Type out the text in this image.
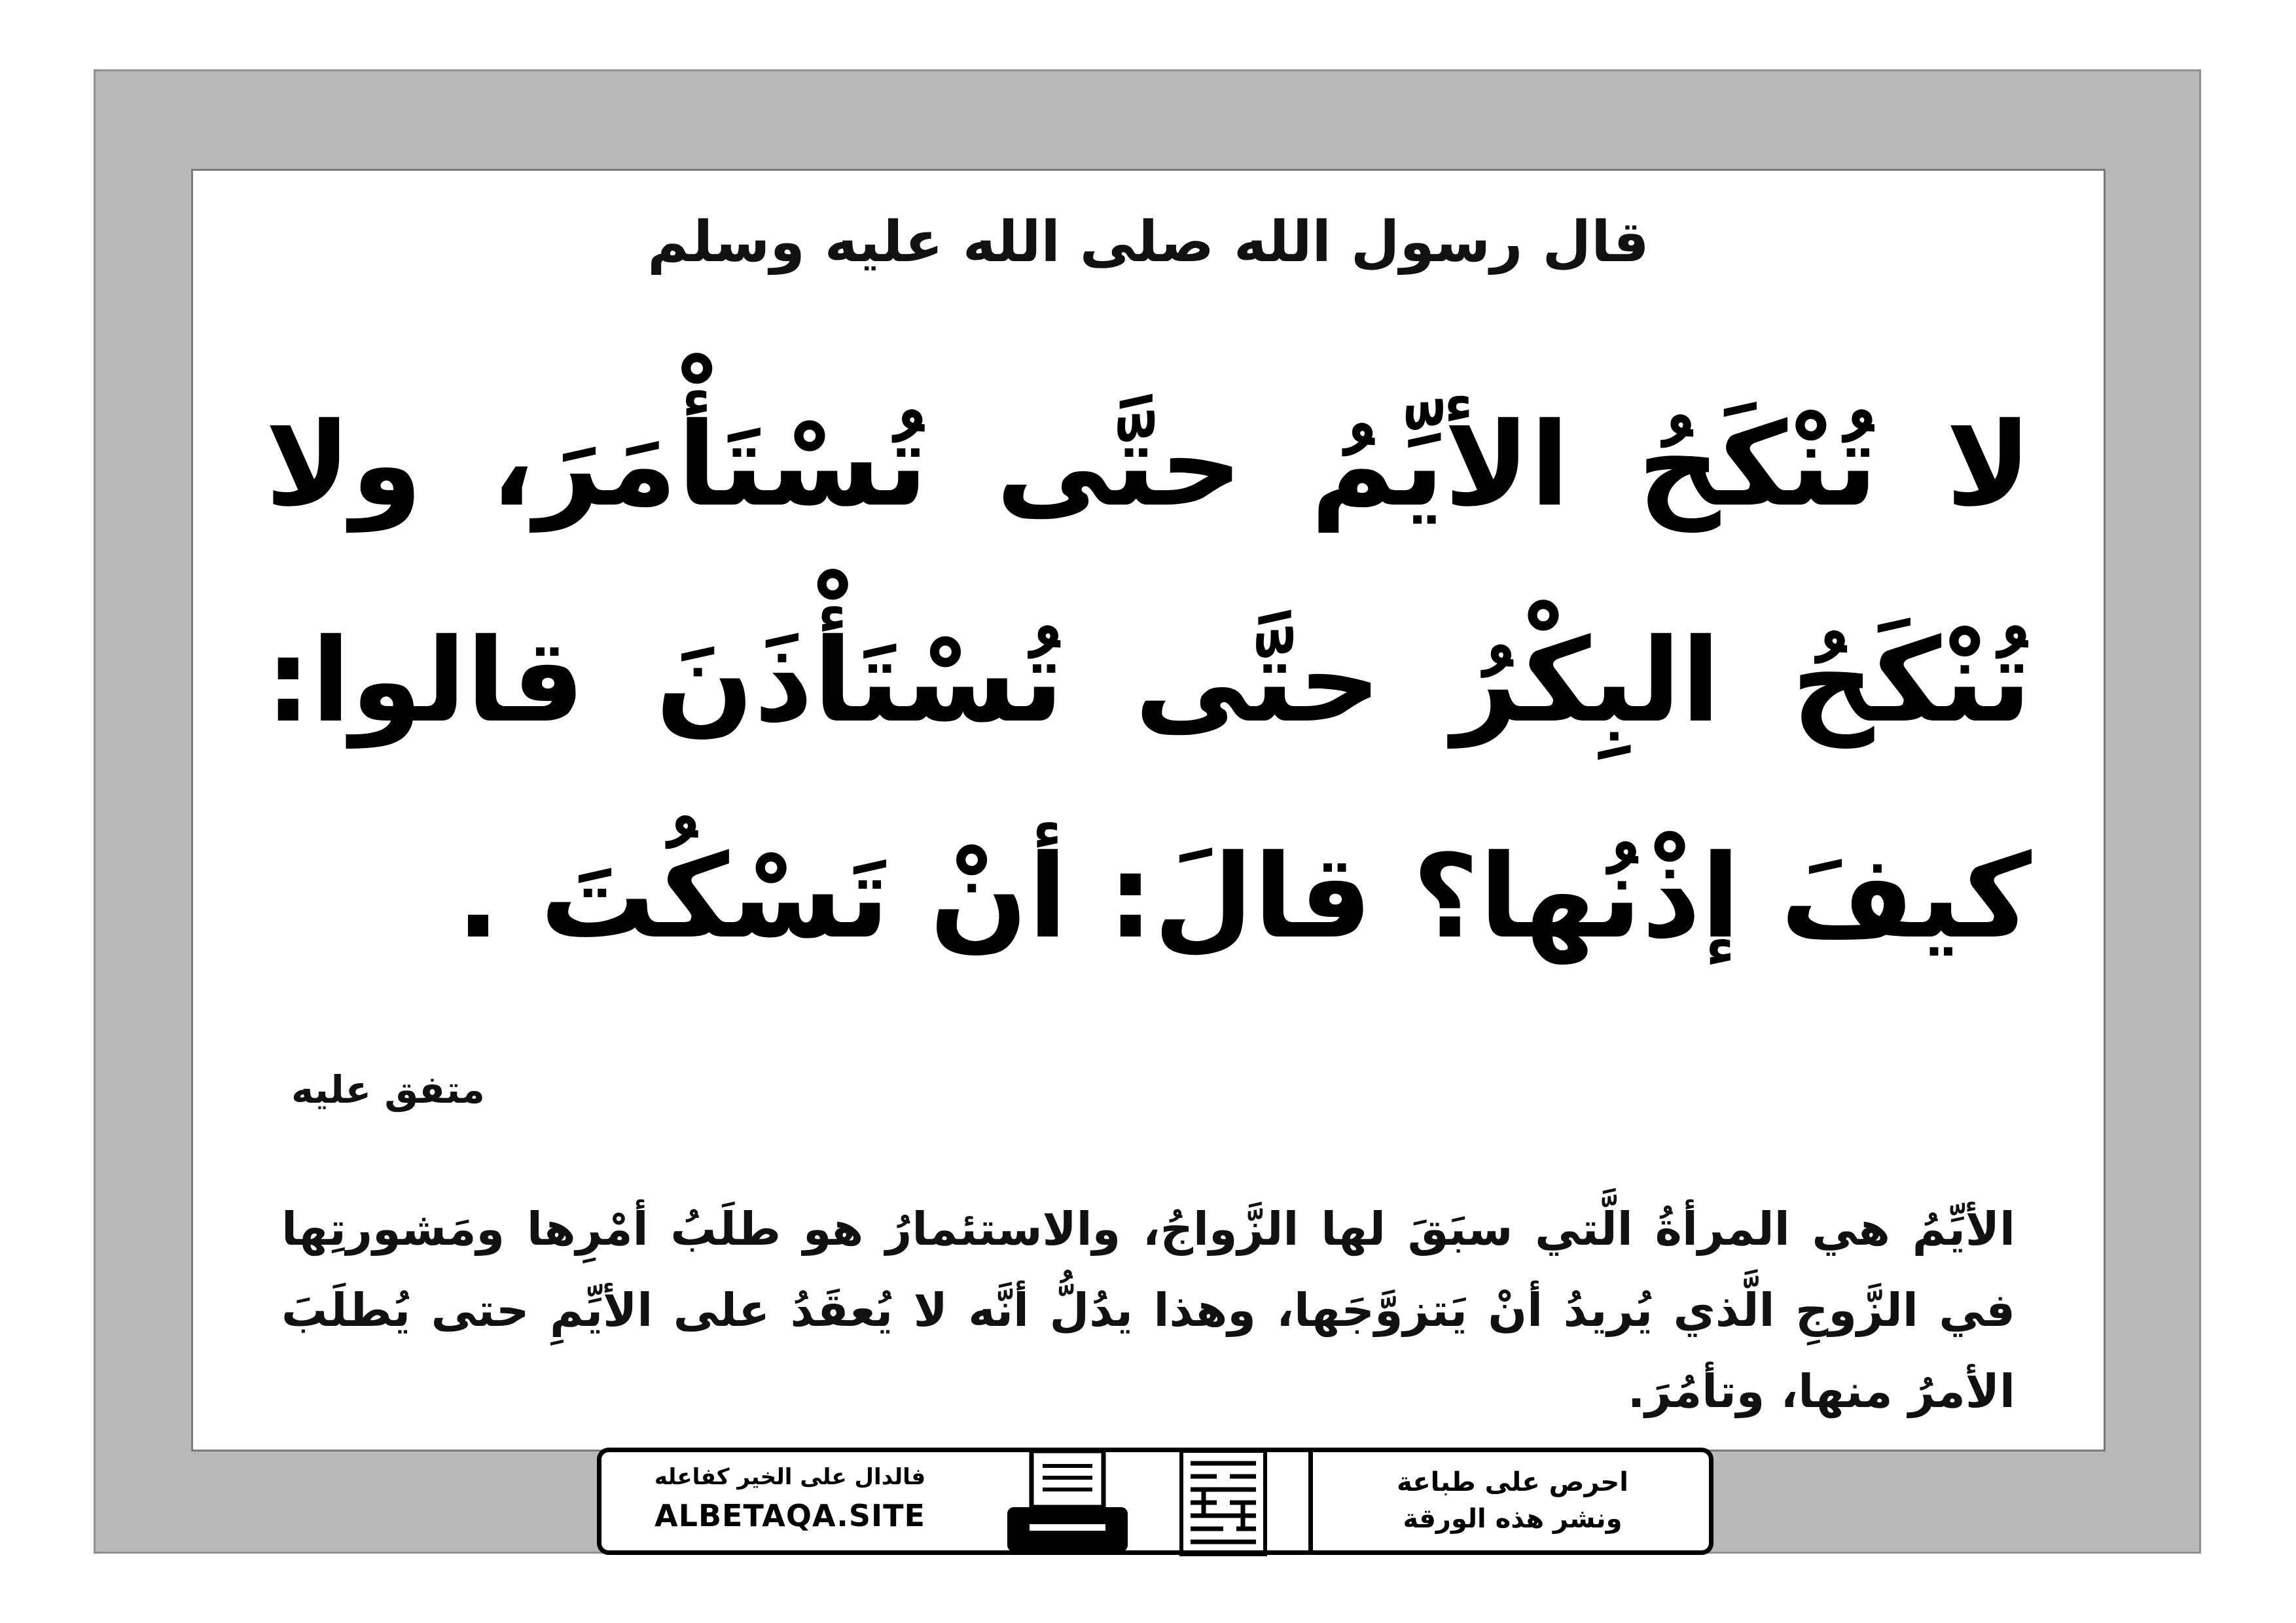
قال رسول الله صلى الله عليه وسلم
لا تُنْكَحُ الأيِّمُ حتَّى تُسْتَأْمَرَ، ولا تُنْكَحُ البِكْرُ حتَّى تُسْتَأْذَنَ قالوا: كيفَ إذْنُها؟ قالَ: أنْ تَسْكُتَ .
متفق عليه
الأيِّمُ هي المرأةُ الَّتي سبَقَ لها الزَّواجُ، والاستئمارُ هو طلَبُ أمْرِها ومَشورتِها في الزَّوجِ الَّذي يُريدُ أنْ يَتزوَّجَها، وهذا يدُلُّ أنَّه لا يُعقَدُ على الأيِّمِ حتى يُطلَبَ الأمرُ منها، وتأمُرَ.
فالدال على الخير كفاعله
ALBETAQA.SITE
احرص على طباعة
ونشر هذه الورقة
